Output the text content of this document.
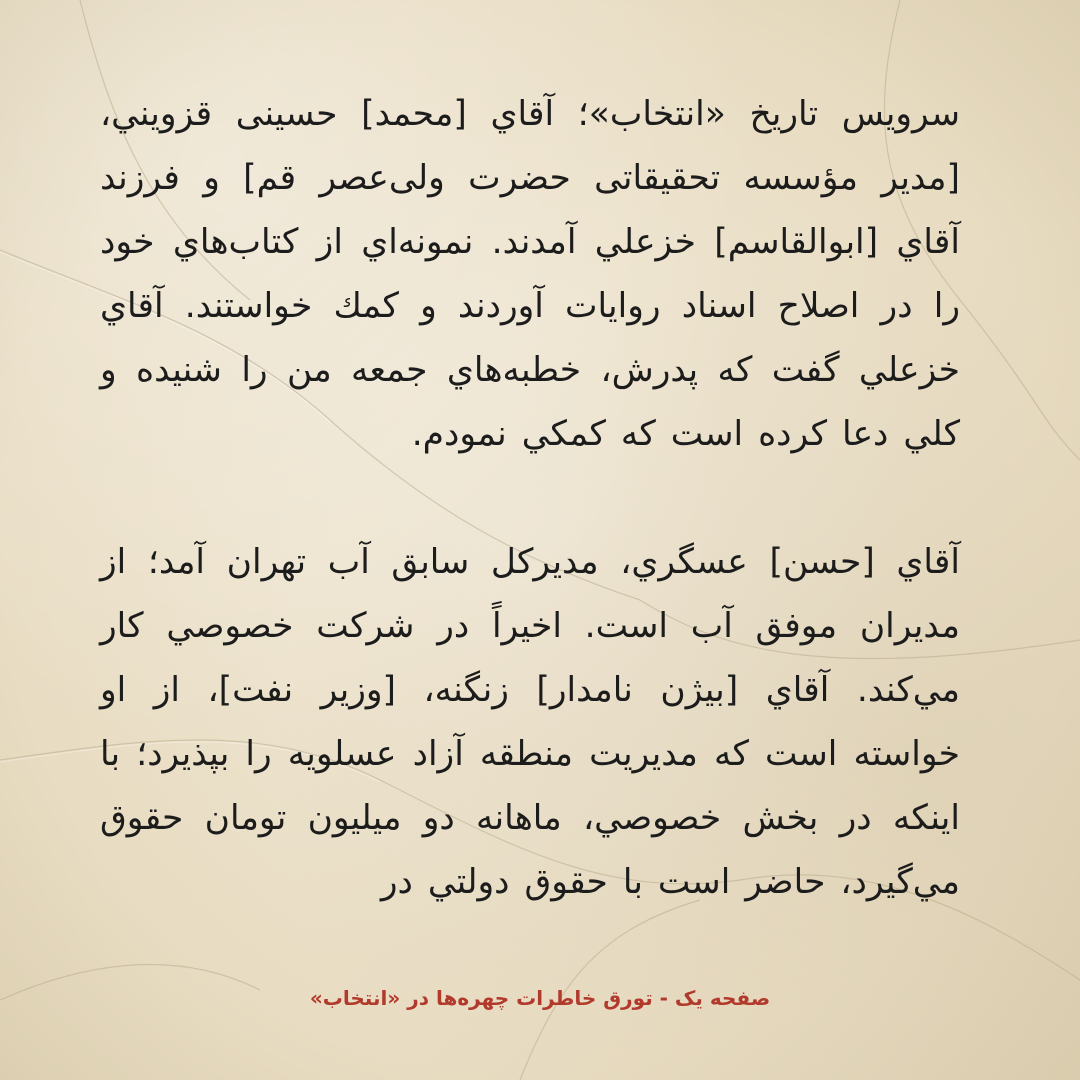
سرويس تاريخ «انتخاب»؛ آقاي [محمد] حسينى قزويني، [مدير مؤسسه تحقيقاتى حضرت ولى‌عصر قم] و فرزند آقاي [ابوالقاسم] خزعلي آمدند. نمونه‌اي از كتاب‌هاي خود را در اصلاح اسناد روايات آوردند و كمك خواستند. آقاي خزعلي گفت كه پدرش، خطبه‌هاي جمعه من را شنيده و كلي دعا كرده است كه كمكي نمودم.

آقاي [حسن] عسگري، مديركل سابق آب تهران آمد؛ از مديران موفق آب است. اخيراً در شركت خصوصي كار مي‌كند. آقاي [بيژن نامدار] زنگنه، [وزير نفت]، از او خواسته است كه مديريت منطقه آزاد عسلويه را بپذيرد؛ با اينكه در بخش خصوصي، ماهانه دو ميليون تومان حقوق مي‌گيرد، حاضر است با حقوق دولتي در

صفحه یک - تورق خاطرات چهره‌ها در «انتخاب»
